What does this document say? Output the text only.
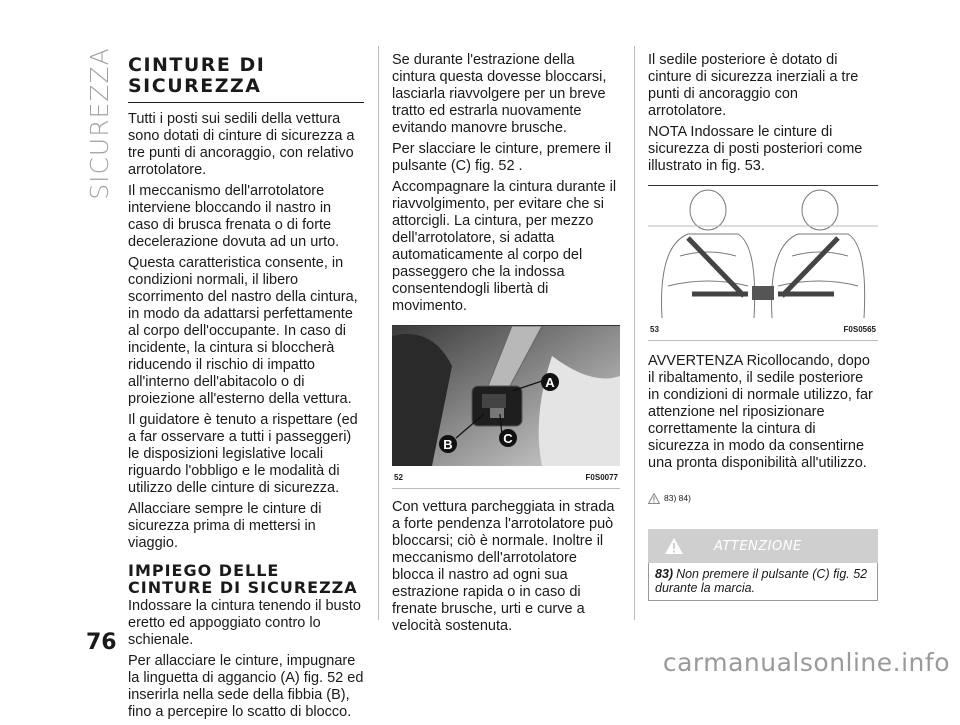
SICUREZZA CINTURE DI SICUREZZA

Tutti i posti sui sedili della vettura sono dotati di cinture di sicurezza a tre punti di ancoraggio, con relativo arrotolatore.

Il meccanismo dell'arrotolatore interviene bloccando il nastro in caso di brusca frenata o di forte decelerazione dovuta ad un urto.

Questa caratteristica consente, in condizioni normali, il libero scorrimento del nastro della cintura, in modo da adattarsi perfettamente al corpo dell'occupante. In caso di incidente, la cintura si bloccherà riducendo il rischio di impatto all'interno dell'abitacolo o di proiezione all'esterno della vettura.

Il guidatore è tenuto a rispettare (ed a far osservare a tutti i passeggeri) le disposizioni legislative locali riguardo l'obbligo e le modalità di utilizzo delle cinture di sicurezza.

Allacciare sempre le cinture di sicurezza prima di mettersi in viaggio.

IMPIEGO DELLE CINTURE DI SICUREZZA

Indossare la cintura tenendo il busto eretto ed appoggiato contro lo schienale.

Per allacciare le cinture, impugnare la linguetta di aggancio (A) fig. 52 ed inserirla nella sede della fibbia (B), fino a percepire lo scatto di blocco.

Se durante l'estrazione della cintura questa dovesse bloccarsi, lasciarla riavvolgere per un breve tratto ed estrarla nuovamente evitando manovre brusche.

Per slacciare le cinture, premere il pulsante (C) fig. 52 .

Accompagnare la cintura durante il riavvolgimento, per evitare che si attorcigli. La cintura, per mezzo dell'arrotolatore, si adatta automaticamente al corpo del passeggero che la indossa consentendogli libertà di movimento.

A
B	C
52	F0S0077

Con vettura parcheggiata in strada a forte pendenza l'arrotolatore può bloccarsi; ciò è normale. Inoltre il meccanismo dell'arrotolatore blocca il nastro ad ogni sua estrazione rapida o in caso di frenate brusche, urti e curve a velocità sostenuta.

Il sedile posteriore è dotato di cinture di sicurezza inerziali a tre punti di ancoraggio con arrotolatore.

NOTA Indossare le cinture di sicurezza di posti posteriori come illustrato in fig. 53.

53	F0S0565

AVVERTENZA Ricollocando, dopo il ribaltamento, il sedile posteriore in condizioni di normale utilizzo, far attenzione nel riposizionare correttamente la cintura di sicurezza in modo da consentirne una pronta disponibilità all'utilizzo.

83) 84)
ATTENZIONE
83) Non premere il pulsante (C) fig. 52 durante la marcia.
76
carmanualsonline.info
